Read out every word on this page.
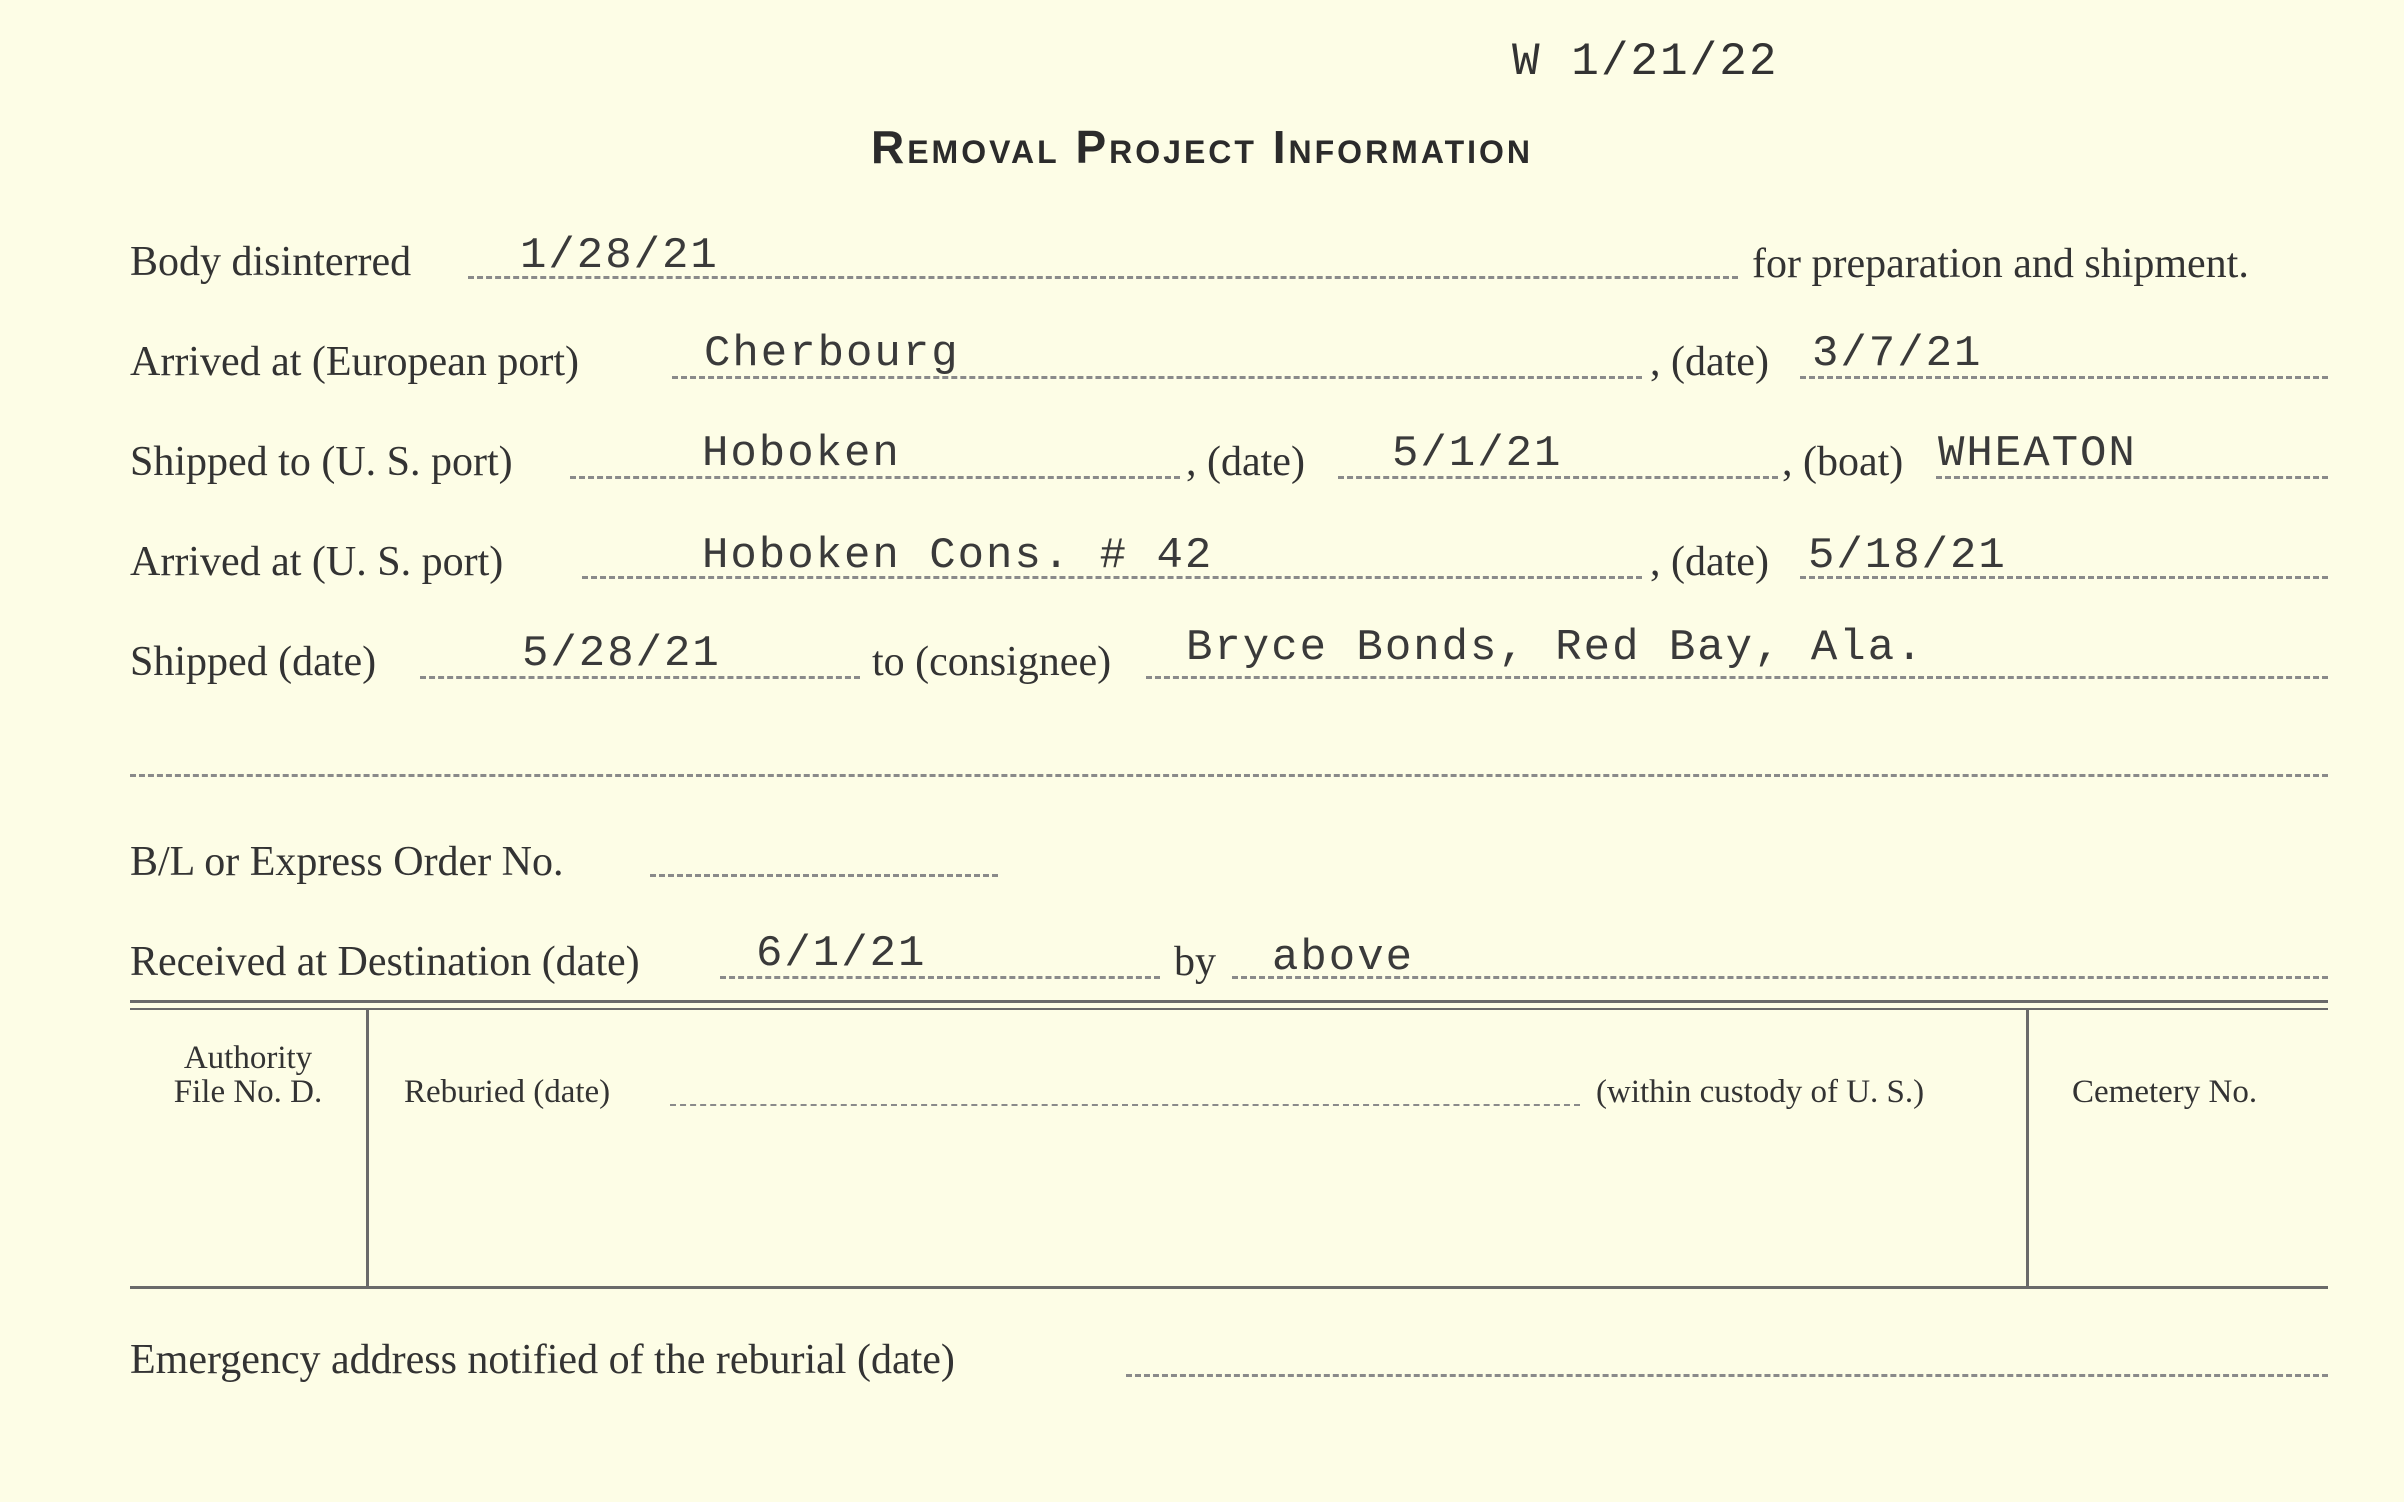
W 1/21/22
Removal Project Information
Body disinterred 1/28/21	for preparation and shipment.
Arrived at (European port)	Cherbourg	, (date) 3/7/21
Shipped to (U. S. port)	Hoboken	, (date) 5/1/21	, (boat) WHEATON
Arrived at (U. S. port)	Hoboken Cons. # 42	, (date) 5/18/21
Shipped (date)	5/28/21	to (consignee) Bryce Bonds, Red Bay, Ala.
B/L or Express Order No.
Received at Destination (date)	6/1/21	by above
Authority
File No. D.	Reburied (date)	(within custody of U. S.)	Cemetery No.
Emergency address notified of the reburial (date)
